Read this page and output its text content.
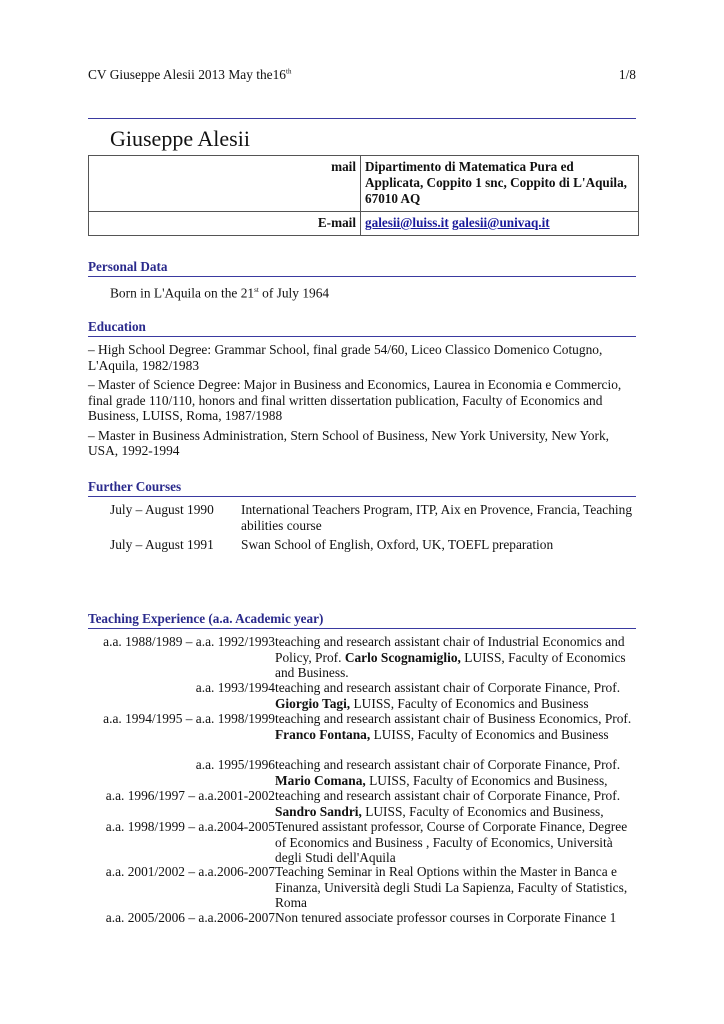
CV Giuseppe Alesii 2013 May the16th	1/8
Giuseppe Alesii
mail	Dipartimento di Matematica Pura ed Applicata, Coppito 1 snc, Coppito di L'Aquila, 67010 AQ
E-mail	galesii@luiss.it galesii@univaq.it
Personal Data
Born in L'Aquila on the 21st of July 1964
Education

– High School Degree: Grammar School, final grade 54/60, Liceo Classico Domenico Cotugno, L'Aquila, 1982/1983

– Master of Science Degree: Major in Business and Economics, Laurea in Economia e Commercio, final grade 110/110, honors and final written dissertation publication, Faculty of Economics and Business, LUISS, Roma, 1987/1988

– Master in Business Administration, Stern School of Business, New York University, New York, USA, 1992-1994

Further Courses
July – August 1990	International Teachers Program, ITP, Aix en Provence, Francia, Teaching abilities course
July – August 1991	Swan School of English, Oxford, UK, TOEFL preparation
Teaching Experience (a.a. Academic year)
a.a. 1988/1989 – a.a. 1992/1993 teaching and research assistant chair of Industrial Economics and Policy, Prof. Carlo Scognamiglio, LUISS, Faculty of Economics and Business.
a.a. 1993/1994 teaching and research assistant chair of Corporate Finance, Prof. Giorgio Tagi, LUISS, Faculty of Economics and Business
a.a. 1994/1995 – a.a. 1998/1999 teaching and research assistant chair of Business Economics, Prof. Franco Fontana, LUISS, Faculty of Economics and Business
a.a. 1995/1996 teaching and research assistant chair of Corporate Finance, Prof. Mario Comana, LUISS, Faculty of Economics and Business,
a.a. 1996/1997 – a.a.2001-2002 teaching and research assistant chair of Corporate Finance, Prof. Sandro Sandri, LUISS, Faculty of Economics and Business,
a.a. 1998/1999 – a.a.2004-2005 Tenured assistant professor, Course of Corporate Finance, Degree of Economics and Business , Faculty of Economics, Università degli Studi dell'Aquila
a.a. 2001/2002 – a.a.2006-2007 Teaching Seminar in Real Options within the Master in Banca e Finanza, Università degli Studi La Sapienza, Faculty of Statistics, Roma
a.a. 2005/2006 – a.a.2006-2007 Non tenured associate professor courses in Corporate Finance 1
